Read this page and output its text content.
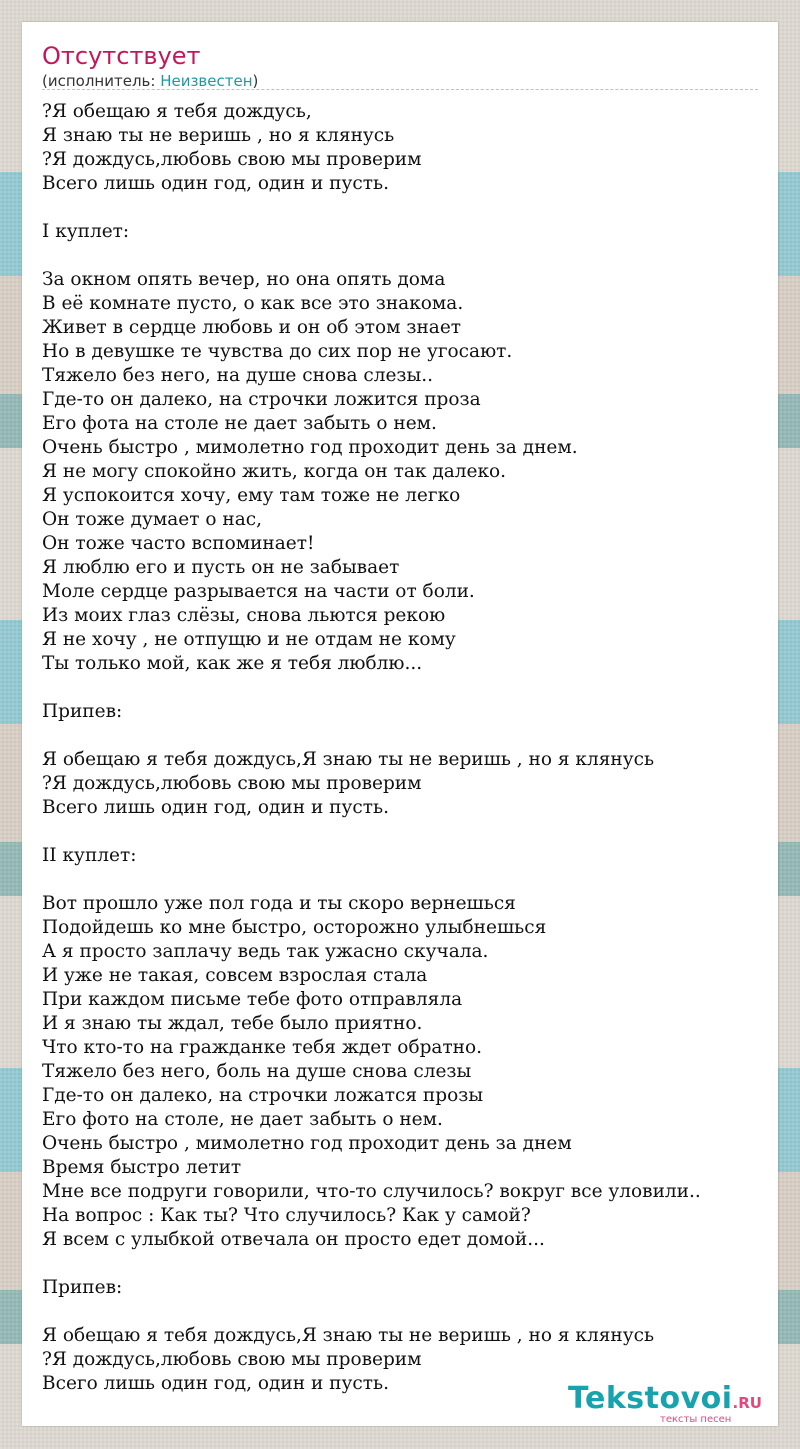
Отсутствует
(исполнитель: Неизвестен)
?Я обещаю я тебя дождусь,
Я знаю ты не веришь , но я клянусь
?Я дождусь,любовь свою мы проверим
Всего лишь один год, один и пусть.

I куплет:

За окном опять вечер, но она опять дома
В её комнате пусто, о как все это знакома.
Живет в сердце любовь и он об этом знает
Но в девушке те чувства до сих пор не угосают.
Тяжело без него, на душе снова слезы..
Где-то он далеко, на строчки ложится проза
Его фота на столе не дает забыть о нем.
Очень быстро , мимолетно год проходит день за днем.
Я не могу спокойно жить, когда он так далеко.
Я успокоится хочу, ему там тоже не легко
Он тоже думает о нас,
Он тоже часто вспоминает!
Я люблю его и пусть он не забывает
Моле сердце разрывается на части от боли.
Из моих глаз слёзы, снова льются рекою
Я не хочу , не отпущю и не отдам не кому
Ты только мой, как же я тебя люблю...

Припев:

Я обещаю я тебя дождусь,Я знаю ты не веришь , но я клянусь
?Я дождусь,любовь свою мы проверим
Всего лишь один год, один и пусть.

II куплет:

Вот прошло уже пол года и ты скоро вернешься
Подойдешь ко мне быстро, осторожно улыбнешься
А я просто заплачу ведь так ужасно скучала.
И уже не такая, совсем взрослая стала
При каждом письме тебе фото отправляла
И я знаю ты ждал, тебе было приятно.
Что кто-то на гражданке тебя ждет обратно.
Тяжело без него, боль на душе снова слезы
Где-то он далеко, на строчки ложатся прозы
Его фото на столе, не дает забыть о нем.
Очень быстро , мимолетно год проходит день за днем
Время быстро летит
Мне все подруги говорили, что-то случилось? вокруг все уловили..
На вопрос : Как ты? Что случилось? Как у самой?
Я всем с улыбкой отвечала он просто едет домой...

Припев:

Я обещаю я тебя дождусь,Я знаю ты не веришь , но я клянусь
?Я дождусь,любовь свою мы проверим
Всего лишь один год, один и пусть.	Tekstovoi.RU
тексты песен
